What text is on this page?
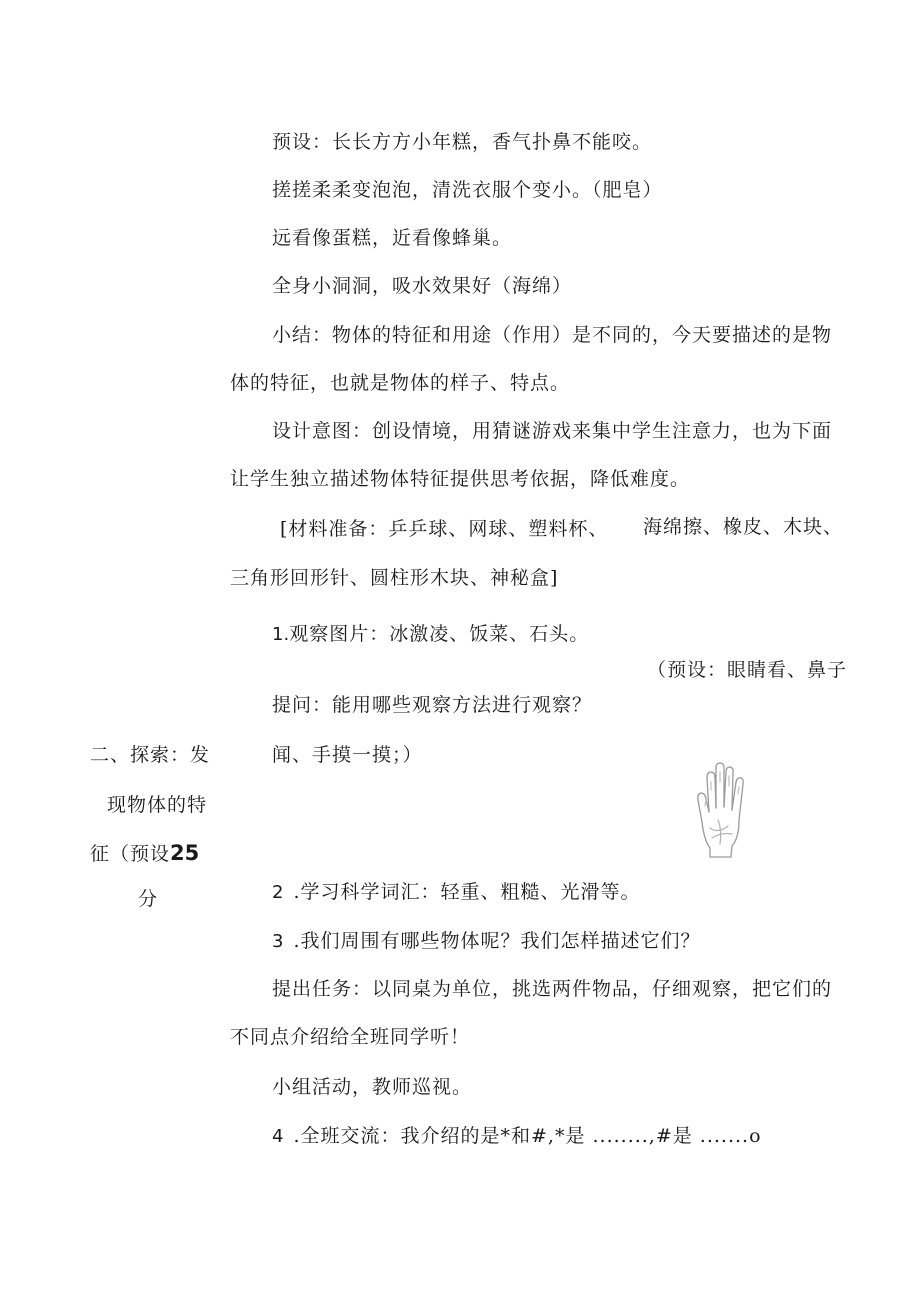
预设：长长方方小年糕，香气扑鼻不能咬。
搓搓柔柔变泡泡，清洗衣服个变小。（肥皂）
远看像蛋糕，近看像蜂巢。
全身小洞洞，吸水效果好（海绵）
小结：物体的特征和用途（作用）是不同的，今天要描述的是物
体的特征，也就是物体的样子、特点。
设计意图：创设情境，用猜谜游戏来集中学生注意力，也为下面
让学生独立描述物体特征提供思考依据，降低难度。
[材料准备：乒乒球、网球、塑料杯、 海绵擦、橡皮、木块、
三角形回形针、圆柱形木块、神秘盒]
1.观察图片：冰激凌、饭菜、石头。
（预设：眼睛看、鼻子
提问：能用哪些观察方法进行观察？
闻、手摸一摸；）
二、探索：发
现物体的特
征（预设25
分	2 .学习科学词汇：轻重、粗糙、光滑等。
3 .我们周围有哪些物体呢？我们怎样描述它们？
提出任务：以同桌为单位，挑选两件物品，仔细观察，把它们的
不同点介绍给全班同学听！
小组活动，教师巡视。
4 .全班交流：我介绍的是*和#,*是 ........,#是 .......o
